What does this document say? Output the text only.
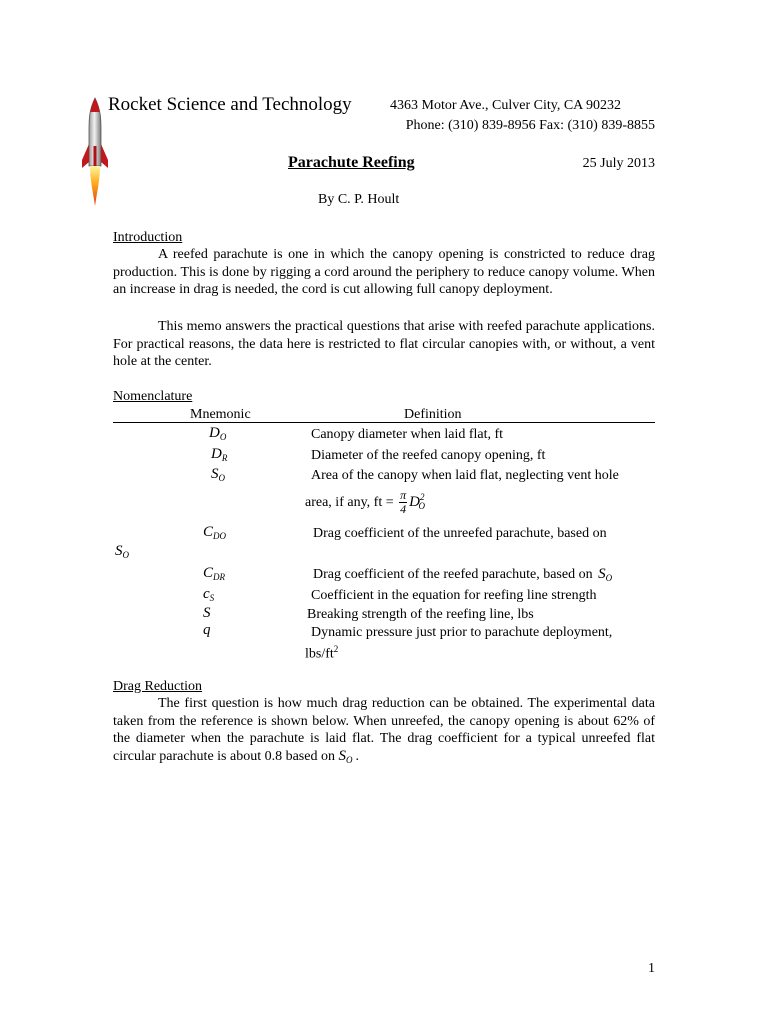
Rocket Science and Technology	4363 Motor Ave., Culver City, CA 90232
Phone: (310) 839-8956 Fax: (310) 839-8855
Parachute Reefing	25 July 2013
By C. P. Hoult
Introduction
A reefed parachute is one in which the canopy opening is constricted to reduce drag production. This is done by rigging a cord around the periphery to reduce canopy volume. When an increase in drag is needed, the cord is cut allowing full canopy deployment.
This memo answers the practical questions that arise with reefed parachute applications. For practical reasons, the data here is restricted to flat circular canopies with, or without, a vent hole at the center.
Nomenclature
Mnemonic	Definition
$D_O$	Canopy diameter when laid flat, ft
$D_R$	Diameter of the reefed canopy opening, ft
$S_O$	Area of the canopy when laid flat, neglecting vent hole
area, if any, ft = $\frac{\pi}{4} D^2_O$
$C_{DO}$	Drag coefficient of the unreefed parachute, based on
$S_O$
$C_{DR}$	Drag coefficient of the reefed parachute, based on $S_O$
$c_S$	Coefficient in the equation for reefing line strength
S	Breaking strength of the reefing line, lbs
q	Dynamic pressure just prior to parachute deployment,
lbs/$ft^2$
Drag Reduction
The first question is how much drag reduction can be obtained. The experimental data taken from the reference is shown below. When unreefed, the canopy opening is about 62% of the diameter when the parachute is laid flat. The drag coefficient for a typical unreefed flat circular parachute is about 0.8 based on $S_O$ .
1
